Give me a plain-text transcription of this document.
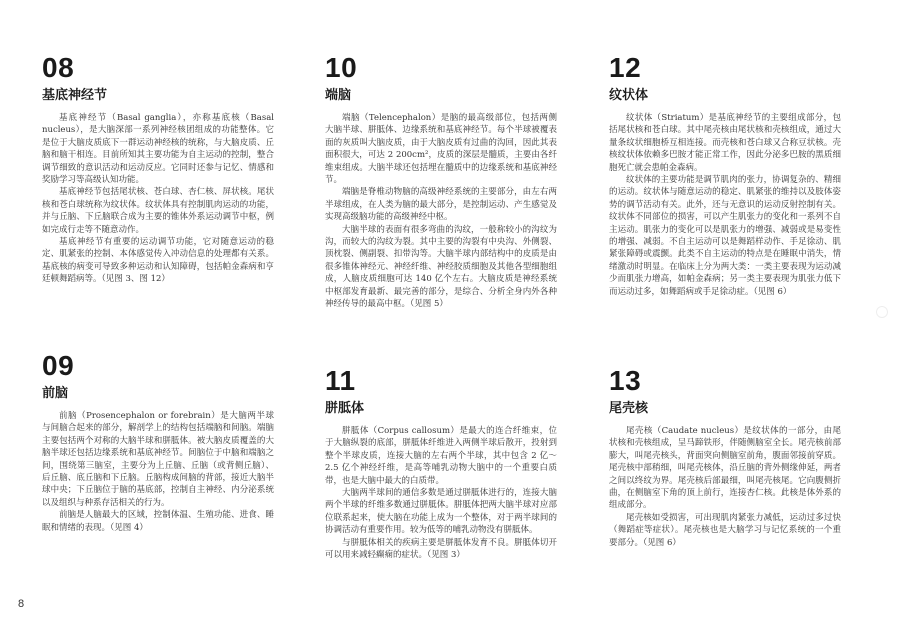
08
基底神经节

基底神经节（Basal ganglia），亦称基底核（Basal nucleus），是大脑深部一系列神经核团组成的功能整体。它是位于大脑皮质底下一群运动神经核的统称，与大脑皮质、丘脑和脑干相连。目前所知其主要功能为自主运动的控制，整合调节细致的意识活动和运动反应。它同时还参与记忆、情感和奖励学习等高级认知功能。

基底神经节包括尾状核、苍白球、杏仁核、屏状核。尾状核和苍白球统称为纹状体。纹状体具有控制肌肉运动的功能，并与丘脑、下丘脑联合成为主要的锥体外系运动调节中枢，例如完成行走等不随意动作。

基底神经节有重要的运动调节功能，它对随意运动的稳定、肌紧张的控制、本体感觉传入冲动信息的处理都有关系。基底核的病变可导致多种运动和认知障碍，包括帕金森病和亨廷顿舞蹈病等。（见图 3、图 12）

10
端脑

端脑（Telencephalon）是脑的最高级部位，包括两侧大脑半球、胼胝体、边缘系统和基底神经节。每个半球被覆表面的灰质叫大脑皮质，由于大脑皮质有过曲的沟回，因此其表面积很大，可达 2 200cm²，皮质的深层是髓质，主要由各纤维束组成。大脑半球还包括埋在髓质中的边缘系统和基底神经节。

端脑是脊椎动物脑的高级神经系统的主要部分，由左右两半球组成，在人类为脑的最大部分，是控制运动、产生感觉及实现高级脑功能的高级神经中枢。

大脑半球的表面有很多弯曲的沟纹，一般称较小的沟纹为沟，而较大的沟纹为裂。其中主要的沟裂有中央沟、外侧裂、顶枕裂、侧副裂、扣带沟等。大脑半球内部结构中的皮质是由很多锥体神经元、神经纤维、神经胶质细胞及其他各型细胞组成，人脑皮质细胞可达 140 亿个左右。大脑皮质是神经系统中枢部发育最新、最完善的部分，是综合、分析全身内外各种神经传导的最高中枢。（见图 5）

12
纹状体

纹状体（Striatum）是基底神经节的主要组成部分，包括尾状核和苍白球。其中尾壳核由尾状核和壳核组成，通过大量条纹状细胞桥互相连接。而壳核和苍白球又合称豆状核。壳核纹状体依赖多巴胺才能正常工作，因此分泌多巴胺的黑质细胞死亡就会患帕金森病。

纹状体的主要功能是调节肌肉的张力，协调复杂的、精细的运动。纹状体与随意运动的稳定、肌紧张的维持以及肢体姿势的调节活动有关。此外，还与无意识的运动反射控制有关。纹状体不同部位的损害，可以产生肌张力的变化和一系列不自主运动。肌张力的变化可以是肌张力的增强、减弱或是易变性的增强、减弱。不自主运动可以是舞蹈样动作、手足徐动、肌紧张障碍或震颤。此类不自主运动的特点是在睡眠中消失，情绪激动时明显。在临床上分为两大类：一类主要表现为运动减少而肌张力增高，如帕金森病；另一类主要表现为肌张力低下而运动过多，如舞蹈病或手足徐动症。（见图 6）

09
前脑

前脑（Prosencephalon or forebrain）是大脑两半球与间脑合起来的部分，解剖学上的结构包括端脑和间脑。端脑主要包括两个对称的大脑半球和胼胝体。被大脑皮质覆盖的大脑半球还包括边缘系统和基底神经节。间脑位于中脑和端脑之间，围绕第三脑室，主要分为上丘脑、丘脑（或背侧丘脑）、后丘脑、底丘脑和下丘脑。丘脑构成间脑的背部，接近大脑半球中央；下丘脑位于脑的基底部，控制自主神经、内分泌系统以及组织与种系存活相关的行为。

前脑是人脑最大的区域，控制体温、生殖功能、进食、睡眠和情绪的表现。（见图 4）

11
胼胝体

胼胝体（Corpus callosum）是最大的连合纤维束，位于大脑纵裂的底部，胼胝体纤维进入两侧半球后散开，投射到整个半球皮质，连接大脑的左右两个半球，其中包含 2 亿～2.5 亿个神经纤维，是高等哺乳动物大脑中的一个重要白质带，也是大脑中最大的白质带。

大脑两半球间的通信多数是通过胼胝体进行的，连接大脑两个半球的纤维多数通过胼胝体。胼胝体把两大脑半球对应部位联系起来，使大脑在功能上成为一个整体，对于两半球间的协调活动有重要作用。较为低等的哺乳动物没有胼胝体。

与胼胝体相关的疾病主要是胼胝体发育不良。胼胝体切开可以用来减轻癫痫的症状。（见图 3）

13
尾壳核

尾壳核（Caudate nucleus）是纹状体的一部分，由尾状核和壳核组成，呈马蹄铁形，伴随侧脑室全长。尾壳核前部膨大，叫尾壳核头，背面突向侧脑室前角，腹面邻接前穿质。尾壳核中部稍细，叫尾壳核体，沿丘脑的背外侧缘伸延，两者之间以终纹为界。尾壳核后部最细，叫尾壳核尾。它向腹侧折曲，在侧脑室下角的顶上前行，连接杏仁核。此核是体外系的组成部分。

尾壳核如受损害，可出现肌肉紧张力减低，运动过多过快（舞蹈症等症状）。尾壳核也是大脑学习与记忆系统的一个重要部分。（见图 6）

8
